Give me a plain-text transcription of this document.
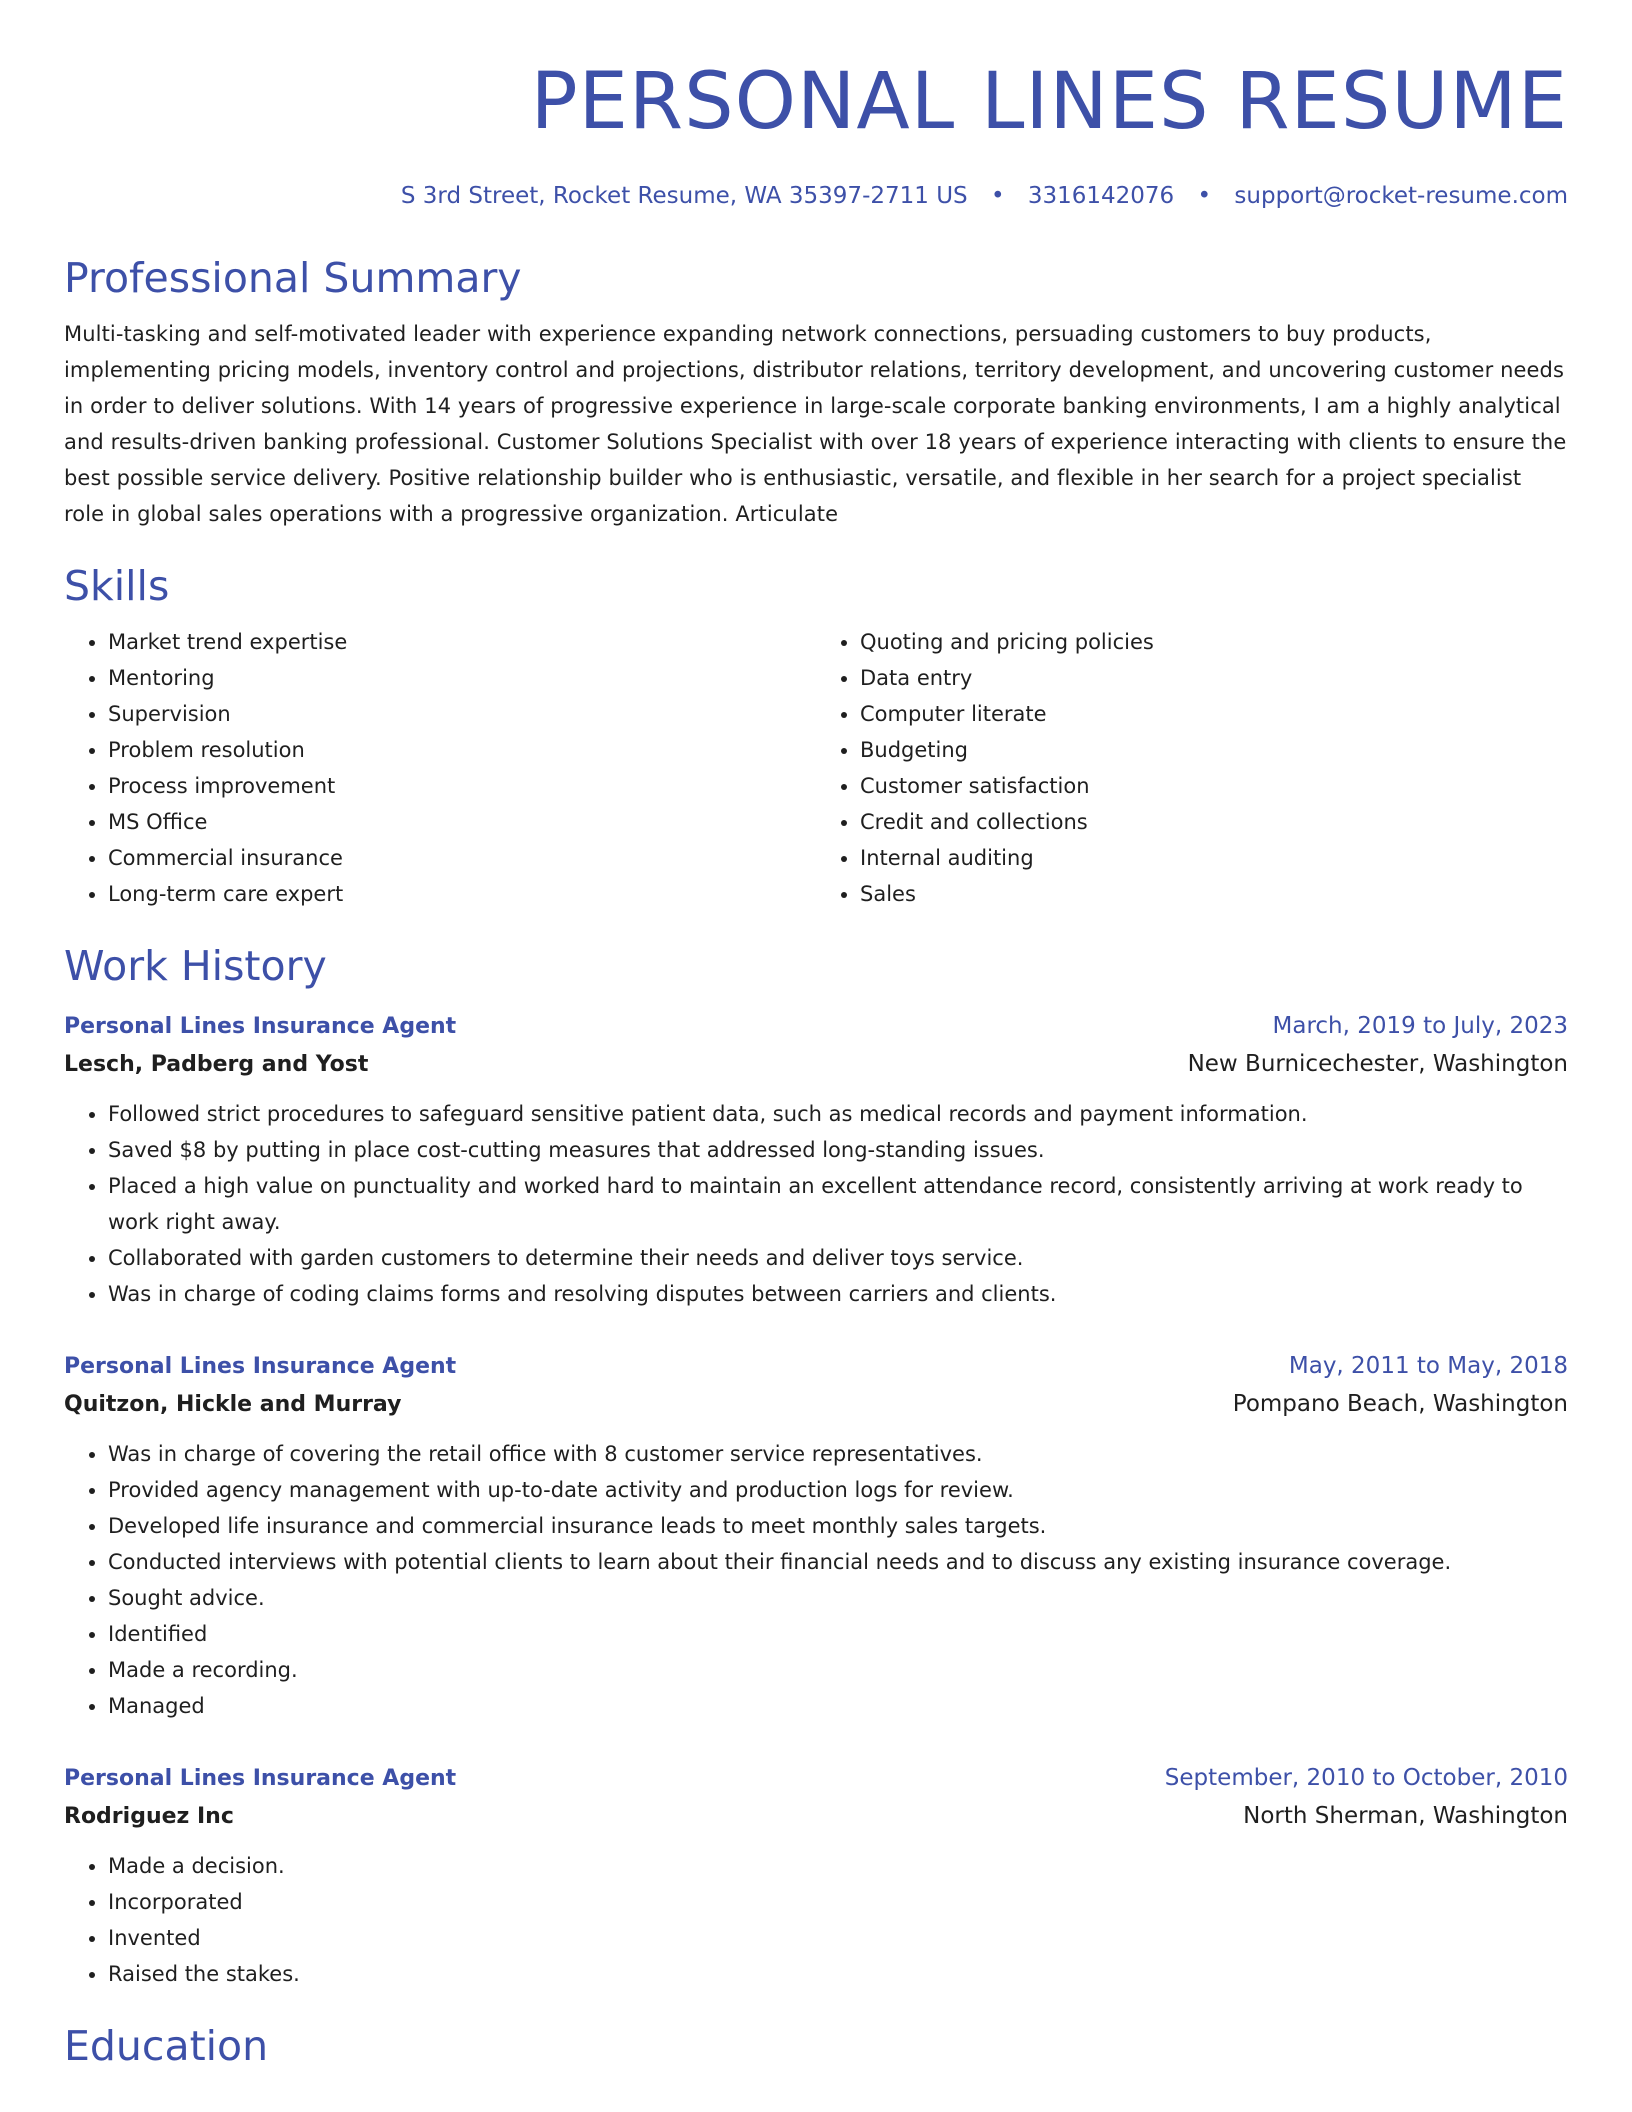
PERSONAL LINES RESUME
S 3rd Street, Rocket Resume, WA 35397-2711 US • 3316142076 • support@rocket-resume.com
Professional Summary

Multi-tasking and self-motivated leader with experience expanding network connections, persuading customers to buy products, implementing pricing models, inventory control and projections, distributor relations, territory development, and uncovering customer needs in order to deliver solutions. With 14 years of progressive experience in large-scale corporate banking environments, I am a highly analytical and results-driven banking professional. Customer Solutions Specialist with over 18 years of experience interacting with clients to ensure the best possible service delivery. Positive relationship builder who is enthusiastic, versatile, and flexible in her search for a project specialist role in global sales operations with a progressive organization. Articulate

Skills
• Market trend expertise
• Mentoring
• Supervision
• Problem resolution
• Process improvement
• MS Office
• Commercial insurance
• Long-term care expert
• Quoting and pricing policies
• Data entry
• Computer literate
• Budgeting
• Customer satisfaction
• Credit and collections
• Internal auditing
• Sales
Work History
Personal Lines Insurance Agent	March, 2019 to July, 2023
Lesch, Padberg and Yost	New Burnicechester, Washington
• Followed strict procedures to safeguard sensitive patient data, such as medical records and payment information.
• Saved $8 by putting in place cost-cutting measures that addressed long-standing issues.
• Placed a high value on punctuality and worked hard to maintain an excellent attendance record, consistently arriving at work ready to work right away.
• Collaborated with garden customers to determine their needs and deliver toys service.
• Was in charge of coding claims forms and resolving disputes between carriers and clients.
Personal Lines Insurance Agent	May, 2011 to May, 2018
Quitzon, Hickle and Murray	Pompano Beach, Washington
• Was in charge of covering the retail office with 8 customer service representatives.
• Provided agency management with up-to-date activity and production logs for review.
• Developed life insurance and commercial insurance leads to meet monthly sales targets.
• Conducted interviews with potential clients to learn about their financial needs and to discuss any existing insurance coverage.
• Sought advice.
• Identified
• Made a recording.
• Managed
Personal Lines Insurance Agent	September, 2010 to October, 2010
Rodriguez Inc	North Sherman, Washington
• Made a decision.
• Incorporated
• Invented
• Raised the stakes.
Education
